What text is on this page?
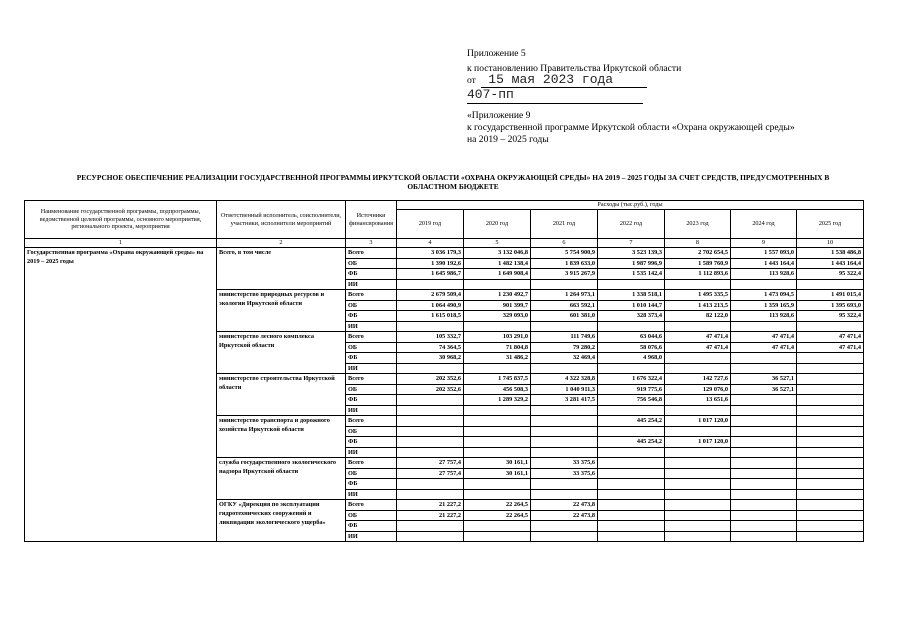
Приложение 5
к постановлению Правительства Иркутской области
от 15 мая 2023 года
407-пп
«Приложение 9
к государственной программе Иркутской области «Охрана окружающей среды»
на 2019 – 2025 годы
РЕСУРСНОЕ ОБЕСПЕЧЕНИЕ РЕАЛИЗАЦИИ ГОСУДАРСТВЕННОЙ ПРОГРАММЫ ИРКУТСКОЙ ОБЛАСТИ «ОХРАНА ОКРУЖАЮЩЕЙ СРЕДЫ» НА 2019 – 2025 ГОДЫ ЗА СЧЕТ СРЕДСТВ, ПРЕДУСМОТРЕННЫХ В
ОБЛАСТНОМ БЮДЖЕТЕ
Наименование государственной программы, подпрограммы, ведомственной целевой программы, основного мероприятия, регионального проекта, мероприятия	Ответственный исполнитель, соисполнители, участники, исполнители мероприятий	Источники финансирования	Расходы (тыс.руб.), годы						
			2019 год	2020 год	2021 год	2022 год	2023 год	2024 год	2025 год
1	2	3	4	5	6	7	8	9	10
Государственная программа «Охрана окружающей среды» на 2019 – 2025 годы	Всего, в том числе	Всего	3 036 179,3	3 132 046,8	5 754 900,9	3 523 139,3	2 702 654,5	1 557 093,0	1 538 486,8
		ОБ	1 390 192,6	1 482 138,4	1 839 633,0	1 987 996,9	1 589 760,9	1 443 164,4	1 443 164,4
		ФБ	1 645 986,7	1 649 908,4	3 915 267,9	1 535 142,4	1 112 893,6	113 928,6	95 322,4
		ИИ							
	министерство природных ресурсов и экологии Иркутской области	Всего	2 679 509,4	1 230 492,7	1 264 973,1	1 338 518,1	1 495 335,5	1 473 094,5	1 491 015,4
		ОБ	1 064 490,9	901 399,7	663 592,1	1 010 144,7	1 413 213,5	1 359 165,9	1 395 693,0
		ФБ	1 615 018,5	329 093,0	601 381,0	328 373,4	82 122,0	113 928,6	95 322,4
		ИИ							
	министерство лесного комплекса Иркутской области	Всего	105 332,7	103 291,0	111 749,6	63 044,6	47 471,4	47 471,4	47 471,4
		ОБ	74 364,5	71 804,8	79 280,2	58 076,6	47 471,4	47 471,4	47 471,4
		ФБ	30 968,2	31 486,2	32 469,4	4 968,0			
		ИИ							
	министерство строительства Иркутской области	Всего	202 352,6	1 745 837,5	4 322 328,8	1 676 322,4	142 727,6	36 527,1	
		ОБ	202 352,6	456 508,3	1 040 911,3	919 775,6	129 076,0	36 527,1	
		ФБ		1 289 329,2	3 281 417,5	756 546,8	13 651,6		
		ИИ							
	министерство транспорта и дорожного хозяйства Иркутской области	Всего				445 254,2	1 017 120,0		
		ОБ							
		ФБ				445 254,2	1 017 120,0		
		ИИ							
	служба государственного экологического надзора Иркутской области	Всего	27 757,4	30 161,1	33 375,6				
		ОБ	27 757,4	30 161,1	33 375,6				
		ФБ							
		ИИ							
	ОГКУ «Дирекция по эксплуатации гидротехнических сооружений и ликвидации экологического ущерба»	Всего	21 227,2	22 264,5	22 473,8				
		ОБ	21 227,2	22 264,5	22 473,8				
		ФБ							
		ИИ							
